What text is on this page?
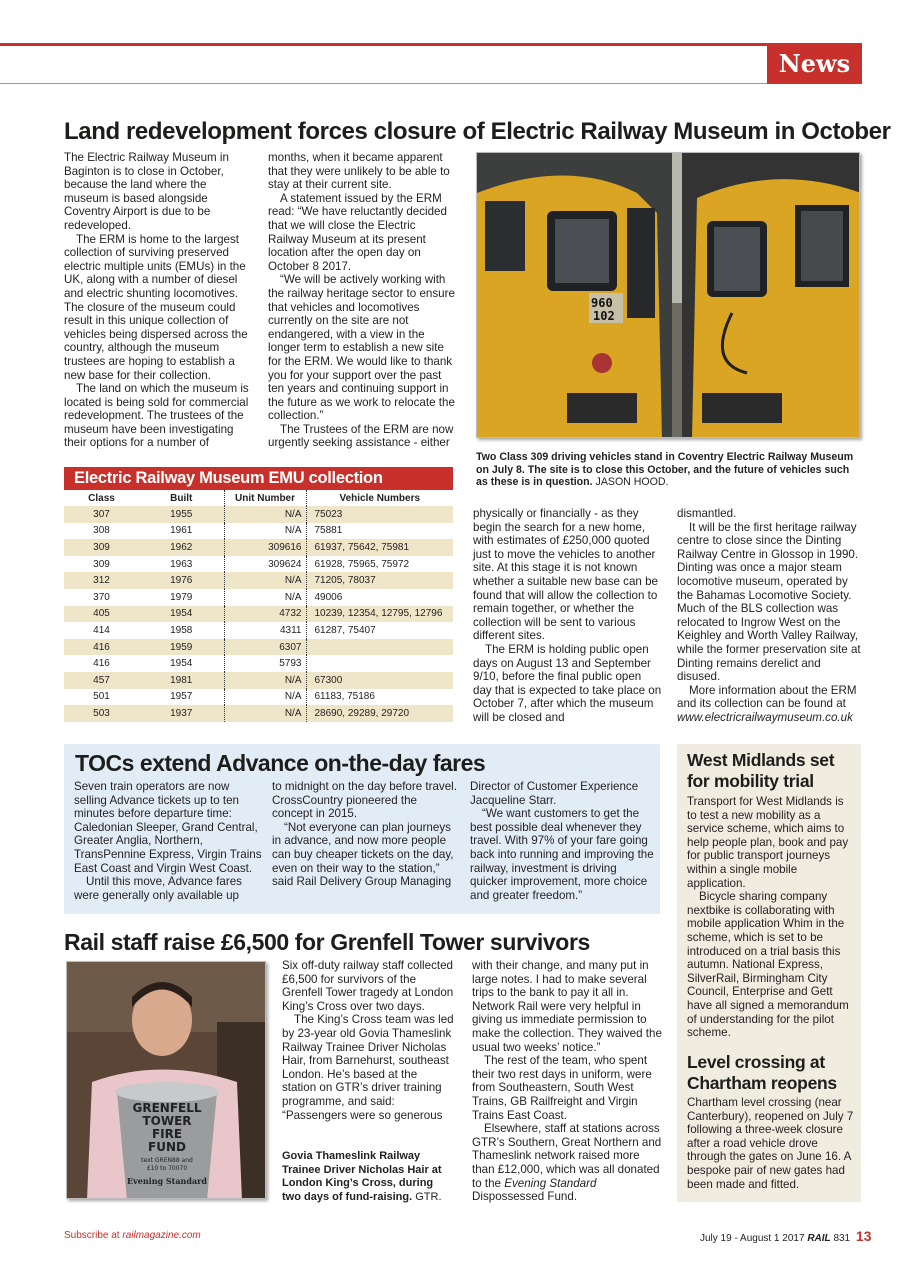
News
Land redevelopment forces closure of Electric Railway Museum in October

The Electric Railway Museum in Baginton is to close in October, because the land where the museum is based alongside Coventry Airport is due to be redeveloped.

The ERM is home to the largest collection of surviving preserved electric multiple units (EMUs) in the UK, along with a number of diesel and electric shunting locomotives. The closure of the museum could result in this unique collection of vehicles being dispersed across the country, although the museum trustees are hoping to establish a new base for their collection.

The land on which the museum is located is being sold for commercial redevelopment. The trustees of the museum have been investigating their options for a number of

months, when it became apparent that they were unlikely to be able to stay at their current site.

A statement issued by the ERM read: “We have reluctantly decided that we will close the Electric Railway Museum at its present location after the open day on October 8 2017.

“We will be actively working with the railway heritage sector to ensure that vehicles and locomotives currently on the site are not endangered, with a view in the longer term to establish a new site for the ERM. We would like to thank you for your support over the past ten years and continuing support in the future as we work to relocate the collection.”

The Trustees of the ERM are now urgently seeking assistance - either

960
102
Two Class 309 driving vehicles stand in Coventry Electric Railway Museum on July 8. The site is to close this October, and the future of vehicles such as these is in question. JASON HOOD.
Electric Railway Museum EMU collection
Class	Built	Unit Number	Vehicle Numbers
307	1955	N/A	75023
308	1961	N/A	75881
309	1962	309616	61937, 75642, 75981
309	1963	309624	61928, 75965, 75972
312	1976	N/A	71205, 78037
370	1979	N/A	49006
405	1954	4732	10239, 12354, 12795, 12796
414	1958	4311	61287, 75407
416	1959	6307	
416	1954	5793	
457	1981	N/A	67300
501	1957	N/A	61183, 75186
503	1937	N/A	28690, 29289, 29720

physically or financially - as they begin the search for a new home, with estimates of £250,000 quoted just to move the vehicles to another site. At this stage it is not known whether a suitable new base can be found that will allow the collection to remain together, or whether the collection will be sent to various different sites.

The ERM is holding public open days on August 13 and September 9/10, before the final public open day that is expected to take place on October 7, after which the museum will be closed and

dismantled.

It will be the first heritage railway centre to close since the Dinting Railway Centre in Glossop in 1990. Dinting was once a major steam locomotive museum, operated by the Bahamas Locomotive Society. Much of the BLS collection was relocated to Ingrow West on the Keighley and Worth Valley Railway, while the former preservation site at Dinting remains derelict and disused.

More information about the ERM and its collection can be found at

www.electricrailwaymuseum.co.uk

TOCs extend Advance on-the-day fares

Seven train operators are now selling Advance tickets up to ten minutes before departure time: Caledonian Sleeper, Grand Central, Greater Anglia, Northern, TransPennine Express, Virgin Trains East Coast and Virgin West Coast.

Until this move, Advance fares were generally only available up

to midnight on the day before travel. CrossCountry pioneered the concept in 2015.

“Not everyone can plan journeys in advance, and now more people can buy cheaper tickets on the day, even on their way to the station,” said Rail Delivery Group Managing

Director of Customer Experience Jacqueline Starr.

“We want customers to get the best possible deal whenever they travel. With 97% of your fare going back into running and improving the railway, investment is driving quicker improvement, more choice and greater freedom.”

West Midlands set for mobility trial

Transport for West Midlands is to test a new mobility as a service scheme, which aims to help people plan, book and pay for public transport journeys within a single mobile application.

Bicycle sharing company nextbike is collaborating with mobile application Whim in the scheme, which is set to be introduced on a trial basis this autumn. National Express, SilverRail, Birmingham City Council, Enterprise and Gett have all signed a memorandum of understanding for the pilot scheme.

Level crossing at Chartham reopens

Chartham level crossing (near Canterbury), reopened on July 7 following a three-week closure after a road vehicle drove through the gates on June 16. A bespoke pair of new gates had been made and fitted.

Rail staff raise £6,500 for Grenfell Tower survivors
GRENFELL
TOWER
FIRE
FUND
text GREN88 and
£10 to 70070
Evening Standard

Six off-duty railway staff collected £6,500 for survivors of the Grenfell Tower tragedy at London King’s Cross over two days.

The King’s Cross team was led by 23-year old Govia Thameslink Railway Trainee Driver Nicholas Hair, from Barnehurst, southeast London. He’s based at the station on GTR’s driver training programme, and said: “Passengers were so generous

Govia Thameslink Railway Trainee Driver Nicholas Hair at London King’s Cross, during two days of fund-raising. GTR.

with their change, and many put in large notes. I had to make several trips to the bank to pay it all in. Network Rail were very helpful in giving us immediate permission to make the collection. They waived the usual two weeks’ notice.”

The rest of the team, who spent their two rest days in uniform, were from Southeastern, South West Trains, GB Railfreight and Virgin Trains East Coast.

Elsewhere, staff at stations across GTR’s Southern, Great Northern and Thameslink network raised more than £12,000, which was all donated to the Evening Standard Dispossessed Fund.

Subscribe at railmagazine.com	July 19 - August 1 2017 RAIL 831 13
